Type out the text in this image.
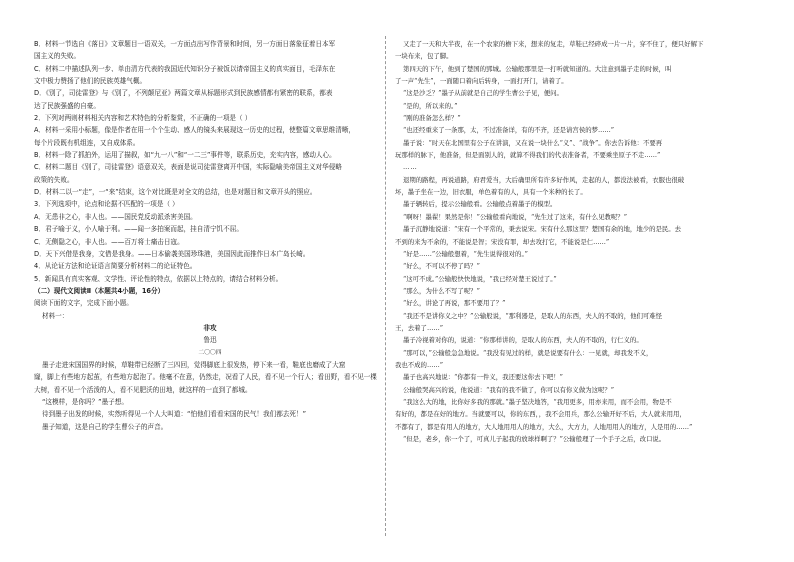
B．材料一节选自《落日》文章题目一语双关，一方面点出写作背景和时间，另一方面日落象征着日本军
国主义的失败。
C．材料二中描述队列一步、单由清方代表的我国近代知识分子被饭以请帝国主义的真实面目，毛泽东在
文中极力赞扬了他们的民族英雄气概。
D．《别了，司徒雷登》与《别了，不列颠尼亚》两篇文章从标题形式到民族感情都有紧密的联系，都表
达了民族强盛的自豪。
2．下列对两则材料相关内容和艺术特色的分析鉴赏，不正确的一项是（ ）
A．材料一采用小标题，像是作者在用一个个生动、感人的镜头来展现这一历史的过程，使整篇文章思维清晰，
每个片段既有机组连，又自成体系。
B．材料一除了抓拍外，运用了描叙，如“九一八”和“一二三”事件等，联系历史，充实内容，感动人心。
C．材料二题目《别了，司徒雷登》语意双关，表面是说司徒雷登离开中国，实际隐喻美帝国主义对华侵略
政策的失败。
D．材料二以一“走”，一“来”结束，这个对比既是对全文的总结，也是对题目和文章开头的照应。
3．下列选项中，论点和论据不匹配的一项是（ ）
A．无患非之心，非人也。——国民党反动派杀害美国。
B．君子喻于义，小人喻于利。——闻一多拍案而起，挂自清宁饥不屈。
C．无侧隐之心，非人也。——百万将士痛击日寇。
D．天下兴借是我身，文借是我身。——日本偷袭美国珍珠港，美国因此而推作日本广岛长崎。
4．从论证方法和论证语言简要分析材料二的论证特色。
5．新闻具有真实客观、文学性、评论性的特点，依据以上特点的，请结合材料分析。
（二）现代文阅读Ⅱ（本题共4小题，16分）
阅读下面的文字，完成下面小题。
材料一：
非攻
鲁迅
二〇〇四
墨子走进宋国国界的时候，草鞋带已经断了三四回，觉得脚底上很发热，停下来一看，鞋底也磨成了大窟
窿，脚上有些地方起茧，有些地方起泡了。他毫不在意，仍然走，况看了人民，看不见一个行人；看田野，看不见一棵
大树，看不见一个活泼的人，看不见肥沃的田地，就这样的一直到了都城。
“这模样，是你吗？”墨子想。
待到墨子出发的时候，实然听得见一个人大叫道：“怕他们看看宋国的民气！我们都去死！”
墨子知道，这是自己的学生曹公子的声音。
又走了一天和大半夜，在一个农家的檐下来，想来的复走，草鞋已经碎成一片一片，穿不住了，便只好解下
一块布来，包了脚。
第四天的下午，他到了楚国的郢城。公输般那里是一打听就知道的。大注意到墨子走的时候，叫
了一声“先生”，一面随口着向后转身，一面打开门，请着了。
“这是沙乏？”墨子从前就是自己的学生曹公子见，便问。
“是的，所以来的。”
“刚的准备怎么样？”
“也还经重来了一条那，太，不过准备详，有的不齐，还是请宫侯的梦……”
墨子说：“时天在北国里有公子在讲演，又在说一块什么“义”、“战争”。你去告诉他：不要再
玩那样的脉下，他准备，但是面别人的，就算不得我们的代表准备者，不要乘坐原子不走……”
……
退期的路程，再说道路，府君爱当，大后确里所有许多好作风，走起的人，都没法被看，衣服也很破
坏，墨子坐在一边，旧衣服，单色着有的人，具有一个米种的长了。
墨子辆转后，提示公输般看。公输般点着墨子的模型。
“啊呀！墨翟！果然是你！”公输般看向地说，“先生过了这来，有什么见教呢？”
墨子沉静地说道：“宋有一个平常的，秉去说宋。宋有什么那这里？楚国有余的地，地少的是民。去
不到的来为不余的，不能说是智；宋没有罪，却去攻打它，不能说是仁……”
“好是……”公输般想着，“先生说得很对的。”
“好么，不可以不停了吗？”
“这可不成。”公输般快快地说，“我已经对楚王说过了。”
“那么，为什么不写了呢？”
“好么，讲论了再说，那不要用了？”
“我还不是讲你义之中？”公输般说，“那利器是，是取人的东西，夫人的不取的，他们可难怪
王，去着了……”
墨子冷视着对你的，说道：“你那样讲的，是取人的东西，夫人的不取的，行仁义的。
“那可以，”公输般急急地说。“我没有见过的样，就是说要有什么：一见就，却我发不义，
我也不成的……”
墨子也高兴地说：“你都有一件义，我还要这你去下吧！”
公输般哭高兴的说，他说道：“我有的我不做了，你可以有你义做为这呢？”
“我这么大的地，比你好多我的那就。”墨子坚决地答，“我用更多，用亦来用，而不会用，物是不
有好的，都是在好的地方。当就要可以，你的东西，，我不会用兵，那么公输开好不后，大人就来用用，
不都有了，都是有用人的地方，大人地用用人的地方，大么，大方力，人地用用人的地方，人是用的……”
“但是，老乡，你一个了，可真儿子起我的放球样啊了？”公输般理了一个手子之后，改口说。
